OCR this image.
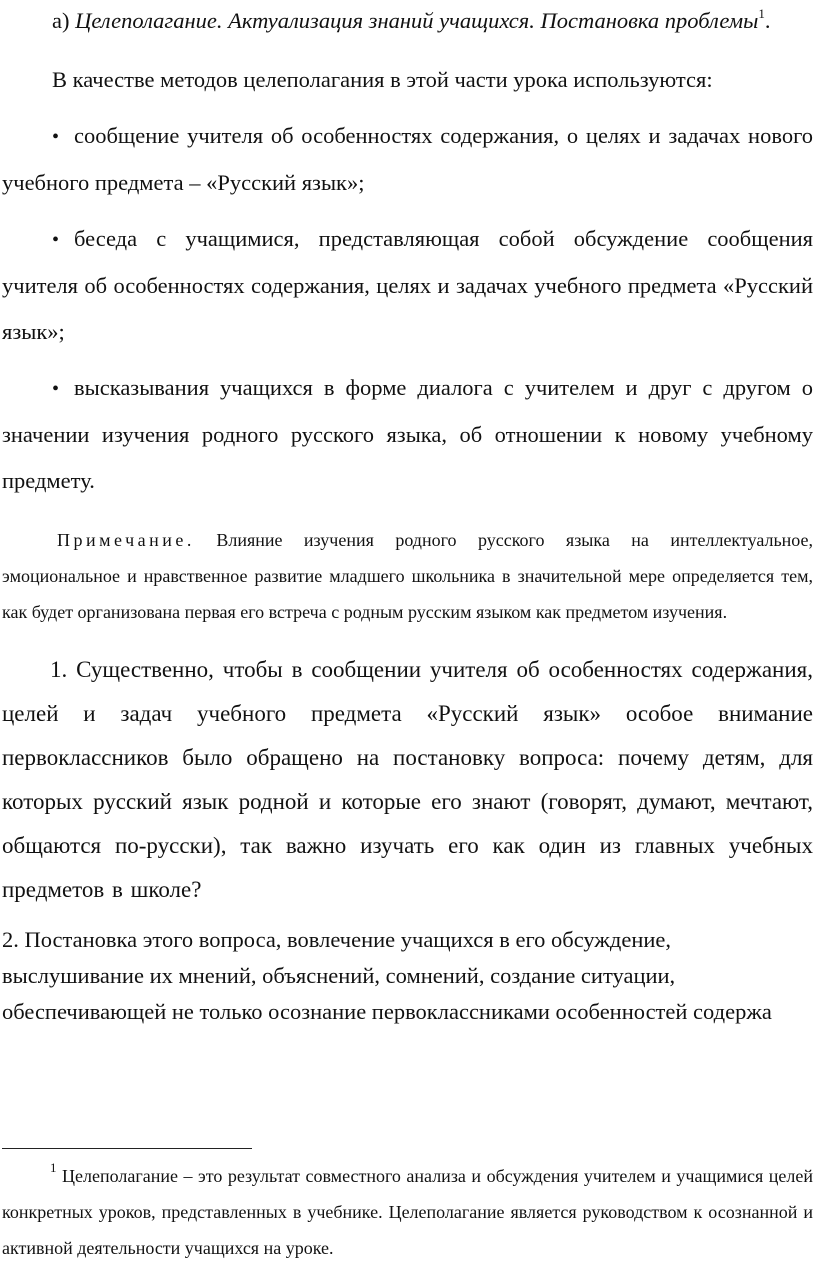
а) Целеполагание. Актуализация знаний учащихся. Постановка проблемы$^1$.

В качестве методов целеполагания в этой части урока используются:

• сообщение учителя об особенностях содержания, о целях и задачах нового учебного предмета – «Русский язык»;

• беседа с учащимися, представляющая собой обсуждение сообщения учителя об особенностях содержания, целях и задачах учебного предмета «Русский язык»;

• высказывания учащихся в форме диалога с учителем и друг с другом о значении изучения родного русского языка, об отношении к новому учебному предмету.

Примечание. Влияние изучения родного русского языка на интеллектуальное, эмоциональное и нравственное развитие младшего школьника в значительной мере определяется тем, как будет организована первая его встреча с родным русским языком как предметом изучения.

1. Существенно, чтобы в сообщении учителя об особенностях содержания, целей и задач учебного предмета «Русский язык» особое внимание первоклассников было обращено на постановку вопроса: почему детям, для которых русский язык родной и которые его знают (говорят, думают, мечтают, общаются по-русски), так важно изучать его как один из главных учебных предметов в школе?

2. Постановка этого вопроса, вовлечение учащихся в его обсуждение, выслушивание их мнений, объяснений, сомнений, создание ситуации, обеспечивающей не только осознание первоклассниками особенностей содержа

$^1$ Целеполагание – это результат совместного анализа и обсуждения учителем и учащимися целей конкретных уроков, представленных в учебнике. Целеполагание является руководством к осознанной и активной деятельности учащихся на уроке.
